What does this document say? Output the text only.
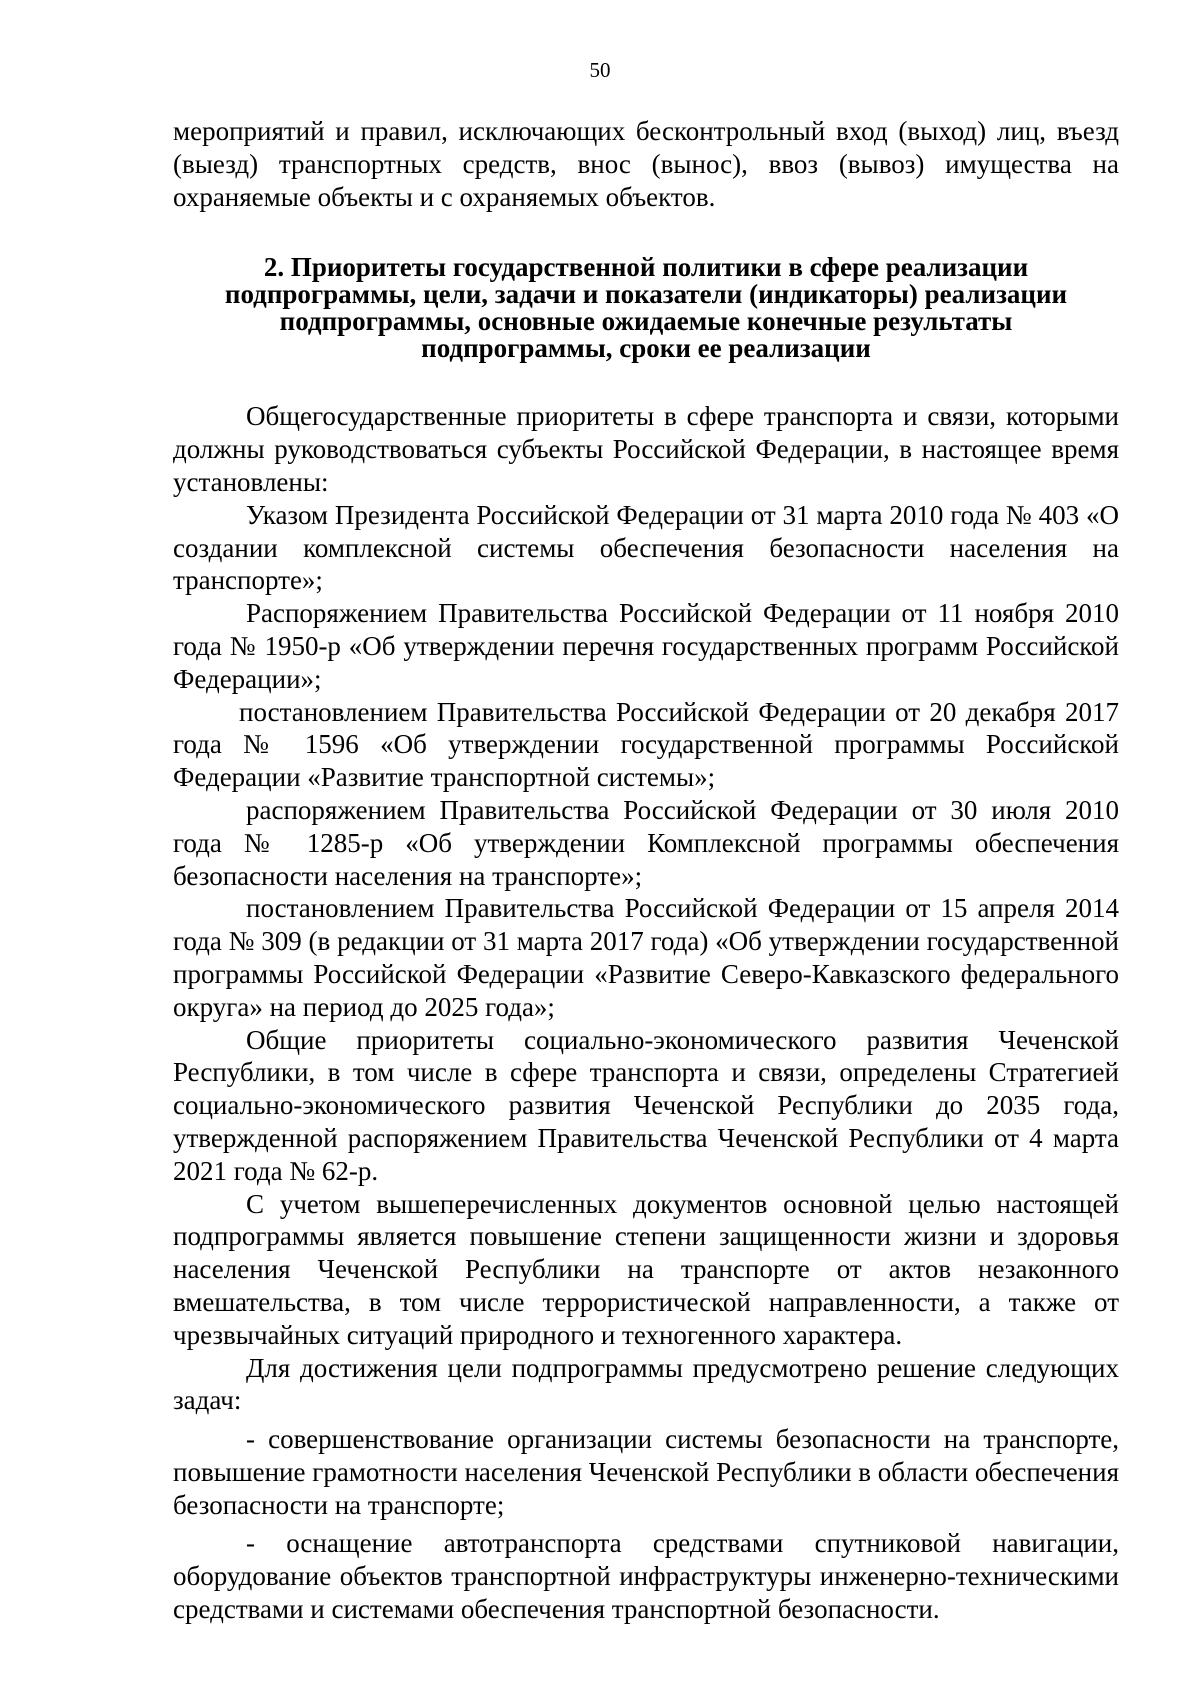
50

мероприятий и правил, исключающих бесконтрольный вход (выход) лиц, въезд (выезд) транспортных средств, внос (вынос), ввоз (вывоз) имущества на охраняемые объекты и с охраняемых объектов.

2. Приоритеты государственной политики в сфере реализации
подпрограммы, цели, задачи и показатели (индикаторы) реализации
подпрограммы, основные ожидаемые конечные результаты
подпрограммы, сроки ее реализации

Общегосударственные приоритеты в сфере транспорта и связи, которыми должны руководствоваться субъекты Российской Федерации, в настоящее время установлены:

Указом Президента Российской Федерации от 31 марта 2010 года № 403 «О создании комплексной системы обеспечения безопасности населения на транспорте»;

Распоряжением Правительства Российской Федерации от 11 ноября 2010 года № 1950-р «Об утверждении перечня государственных программ Российской Федерации»;

постановлением Правительства Российской Федерации от 20 декабря 2017 года № 1596 «Об утверждении государственной программы Российской Федерации «Развитие транспортной системы»;

распоряжением Правительства Российской Федерации от 30 июля 2010 года № 1285-р «Об утверждении Комплексной программы обеспечения безопасности населения на транспорте»;

постановлением Правительства Российской Федерации от 15 апреля 2014 года № 309 (в редакции от 31 марта 2017 года) «Об утверждении государственной программы Российской Федерации «Развитие Северо-Кавказского федерального округа» на период до 2025 года»;

Общие приоритеты социально-экономического развития Чеченской Республики, в том числе в сфере транспорта и связи, определены Стратегией социально-экономического развития Чеченской Республики до 2035 года, утвержденной распоряжением Правительства Чеченской Республики от 4 марта 2021 года № 62-р.

С учетом вышеперечисленных документов основной целью настоящей подпрограммы является повышение степени защищенности жизни и здоровья населения Чеченской Республики на транспорте от актов незаконного вмешательства, в том числе террористической направленности, а также от чрезвычайных ситуаций природного и техногенного характера.

Для достижения цели подпрограммы предусмотрено решение следующих задач:

- совершенствование организации системы безопасности на транспорте, повышение грамотности населения Чеченской Республики в области обеспечения безопасности на транспорте;

- оснащение автотранспорта средствами спутниковой навигации, оборудование объектов транспортной инфраструктуры инженерно-техническими средствами и системами обеспечения транспортной безопасности.
